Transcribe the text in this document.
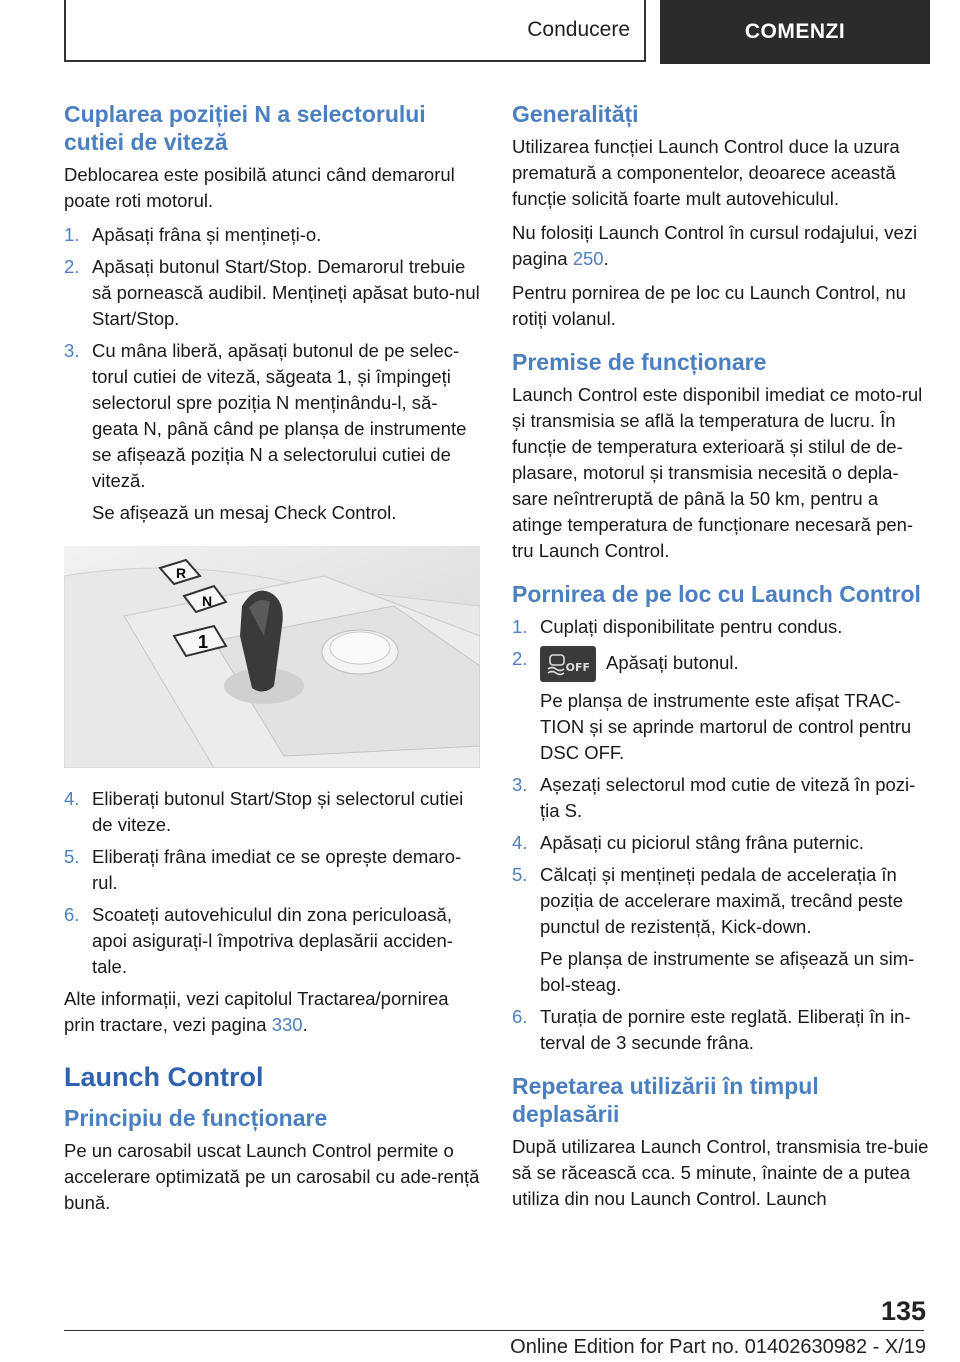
Conducere	COMENZI
Cuplarea poziției N a selectorului cutiei de viteză

Deblocarea este posibilă atunci când demarorul poate roti motorul.

1. Apăsați frâna și mențineți-o.
2. Apăsați butonul Start/Stop. Demarorul trebuie să pornească audibil. Mențineți apăsat buto‐nul Start/Stop.
3. Cu mâna liberă, apăsați butonul de pe selec‐torul cutiei de viteză, săgeata 1, și împingeți selectorul spre poziția N menținându-l, să‐geata N, până când pe planșa de instrumente se afișează poziția N a selectorului cutiei de viteză.
Se afișează un mesaj Check Control.
R
N
1
4. Eliberați butonul Start/Stop și selectorul cutiei de viteze.
5. Eliberați frâna imediat ce se oprește demaro‐rul.
6. Scoateți autovehiculul din zona periculoasă, apoi asigurați-l împotriva deplasării acciden‐tale.

Alte informații, vezi capitolul Tractarea/pornirea prin tractare, vezi pagina 330.

Launch Control
Principiu de funcționare

Pe un carosabil uscat Launch Control permite o accelerare optimizată pe un carosabil cu ade‐rență bună.

Generalități

Utilizarea funcției Launch Control duce la uzura prematură a componentelor, deoarece această funcție solicită foarte mult autovehiculul.

Nu folosiți Launch Control în cursul rodajului, vezi pagina 250.

Pentru pornirea de pe loc cu Launch Control, nu rotiți volanul.

Premise de funcționare

Launch Control este disponibil imediat ce moto‐rul și transmisia se află la temperatura de lucru. În funcție de temperatura exterioară și stilul de de‐plasare, motorul și transmisia necesită o depla‐sare neîntreruptă de până la 50 km, pentru a atinge temperatura de funcționare necesară pen‐tru Launch Control.

Pornirea de pe loc cu Launch Control
1. Cuplați disponibilitate pentru condus.
2.	OFF Apăsați butonul.
Pe planșa de instrumente este afișat TRAC‐TION și se aprinde martorul de control pentru DSC OFF.
3. Așezați selectorul mod cutie de viteză în pozi‐ția S.
4. Apăsați cu piciorul stâng frâna puternic.
5. Călcați și mențineți pedala de accelerația în poziția de accelerare maximă, trecând peste punctul de rezistență, Kick-down.
Pe planșa de instrumente se afișează un sim‐bol-steag.
6. Turația de pornire este reglată. Eliberați în in‐terval de 3 secunde frâna.
Repetarea utilizării în timpul deplasării

După utilizarea Launch Control, transmisia tre‐buie să se răcească cca. 5 minute, înainte de a putea utiliza din nou Launch Control. Launch

135
Online Edition for Part no. 01402630982 - X/19
